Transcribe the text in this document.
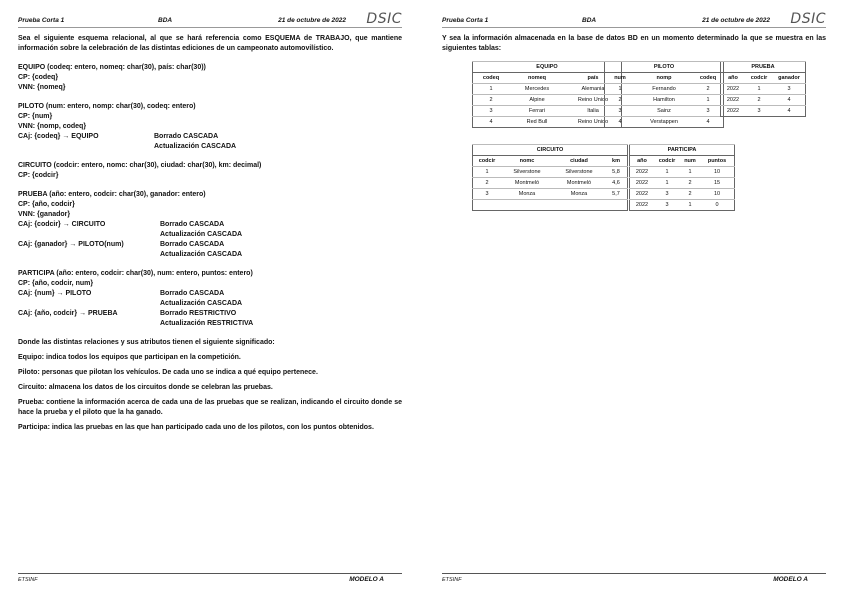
Prueba Corta 1	BDA	21 de octubre de 2022 DSIC

Sea el siguiente esquema relacional, al que se hará referencia como ESQUEMA de TRABAJO, que mantiene información sobre la celebración de las distintas ediciones de un campeonato automovilístico.

EQUIPO (codeq: entero, nomeq: char(30), país: char(30))

CP: {codeq}

VNN: {nomeq}

PILOTO (num: entero, nomp: char(30), codeq: entero)

CP: {num}

VNN: {nomp, codeq}

CAj: {codeq} → EQUIPO	Borrado CASCADA
Actualización CASCADA

CIRCUITO (codcir: entero, nomc: char(30), ciudad: char(30), km: decimal)

CP: {codcir}

PRUEBA (año: entero, codcir: char(30), ganador: entero)

CP: {año, codcir}

VNN: {ganador}

CAj: {codcir} → CIRCUITO	Borrado CASCADA
Actualización CASCADA
CAj: {ganador} → PILOTO(num)	Borrado CASCADA
Actualización CASCADA

PARTICIPA (año: entero, codcir: char(30), num: entero, puntos: entero)

CP: {año, codcir, num}

CAj: {num} → PILOTO	Borrado CASCADA
Actualización CASCADA
CAj: {año, codcir} → PRUEBA	Borrado RESTRICTIVO
Actualización RESTRICTIVA

Donde las distintas relaciones y sus atributos tienen el siguiente significado:

Equipo: indica todos los equipos que participan en la competición.

Piloto: personas que pilotan los vehículos. De cada uno se indica a qué equipo pertenece.

Circuito: almacena los datos de los circuitos donde se celebran las pruebas.

Prueba: contiene la información acerca de cada una de las pruebas que se realizan, indicando el circuito donde se hace la prueba y el piloto que la ha ganado.

Participa: indica las pruebas en las que han participado cada uno de los pilotos, con los puntos obtenidos.

ETSINF	MODELO A
Prueba Corta 1	BDA	21 de octubre de 2022 DSIC

Y sea la información almacenada en la base de datos BD en un momento determinado la que se muestra en las siguientes tablas:

EQUIPO		
codeq	nomeq	país
1	Mercedes	Alemania
2	Alpine	Reino Unido
3	Ferrari	Italia
4	Red Bull	Reino Unido
PILOTO		
num	nomp	codeq
1	Fernando	2
2	Hamilton	1
3	Sainz	3
4	Verstappen	4
PRUEBA		
año	codcir	ganador
2022	1	3
2022	2	4
2022	3	4
CIRCUITO			
codcir	nomc	ciudad	km
1	Silverstone	Silverstone	5,8
2	Montmeló	Montmeló	4,6
3	Monza	Monza	5,7

PARTICIPA			
año	codcir	num	puntos
2022	1	1	10
2022	1	2	15
2022	3	2	10
2022	3	1	0
ETSINF	MODELO A
